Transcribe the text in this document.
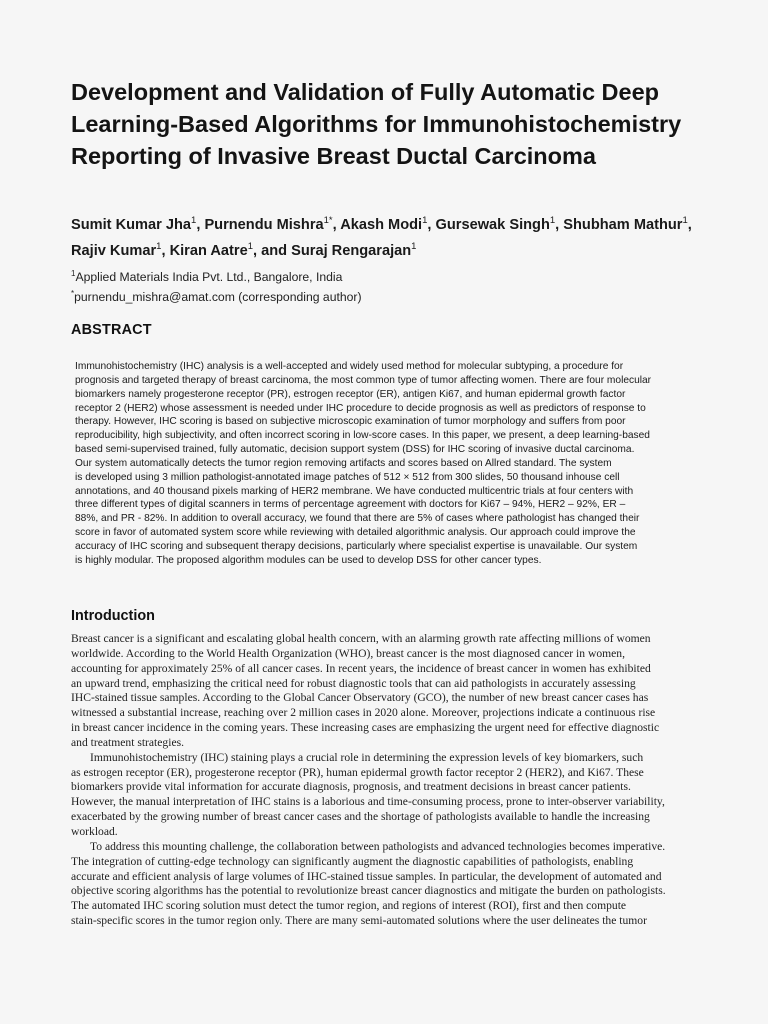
Development and Validation of Fully Automatic Deep Learning-Based Algorithms for Immunohistochemistry Reporting of Invasive Breast Ductal Carcinoma
Sumit Kumar Jha$^1$, Purnendu Mishra$^{1*}$, Akash Modi$^1$, Gursewak Singh$^1$, Shubham Mathur$^1$, Rajiv Kumar$^1$, Kiran Aatre$^1$, and Suraj Rengarajan$^1$
$^1$Applied Materials India Pvt. Ltd., Bangalore, India
*purnendu_mishra@amat.com (corresponding author)
ABSTRACT
Immunohistochemistry (IHC) analysis is a well-accepted and widely used method for molecular subtyping, a procedure for
prognosis and targeted therapy of breast carcinoma, the most common type of tumor affecting women. There are four molecular
biomarkers namely progesterone receptor (PR), estrogen receptor (ER), antigen Ki67, and human epidermal growth factor
receptor 2 (HER2) whose assessment is needed under IHC procedure to decide prognosis as well as predictors of response to
therapy. However, IHC scoring is based on subjective microscopic examination of tumor morphology and suffers from poor
reproducibility, high subjectivity, and often incorrect scoring in low-score cases. In this paper, we present, a deep learning-based
based semi-supervised trained, fully automatic, decision support system (DSS) for IHC scoring of invasive ductal carcinoma.
Our system automatically detects the tumor region removing artifacts and scores based on Allred standard. The system
is developed using 3 million pathologist-annotated image patches of 512 × 512 from 300 slides, 50 thousand inhouse cell
annotations, and 40 thousand pixels marking of HER2 membrane. We have conducted multicentric trials at four centers with
three different types of digital scanners in terms of percentage agreement with doctors for Ki67 – 94%, HER2 – 92%, ER –
88%, and PR - 82%. In addition to overall accuracy, we found that there are 5% of cases where pathologist has changed their
score in favor of automated system score while reviewing with detailed algorithmic analysis. Our approach could improve the
accuracy of IHC scoring and subsequent therapy decisions, particularly where specialist expertise is unavailable. Our system
is highly modular. The proposed algorithm modules can be used to develop DSS for other cancer types.
Introduction
Breast cancer is a significant and escalating global health concern, with an alarming growth rate affecting millions of women
worldwide. According to the World Health Organization (WHO), breast cancer is the most diagnosed cancer in women,
accounting for approximately 25% of all cancer cases. In recent years, the incidence of breast cancer in women has exhibited
an upward trend, emphasizing the critical need for robust diagnostic tools that can aid pathologists in accurately assessing
IHC-stained tissue samples. According to the Global Cancer Observatory (GCO), the number of new breast cancer cases has
witnessed a substantial increase, reaching over 2 million cases in 2020 alone. Moreover, projections indicate a continuous rise
in breast cancer incidence in the coming years. These increasing cases are emphasizing the urgent need for effective diagnostic
and treatment strategies.
Immunohistochemistry (IHC) staining plays a crucial role in determining the expression levels of key biomarkers, such
as estrogen receptor (ER), progesterone receptor (PR), human epidermal growth factor receptor 2 (HER2), and Ki67. These
biomarkers provide vital information for accurate diagnosis, prognosis, and treatment decisions in breast cancer patients.
However, the manual interpretation of IHC stains is a laborious and time-consuming process, prone to inter-observer variability,
exacerbated by the growing number of breast cancer cases and the shortage of pathologists available to handle the increasing
workload.
To address this mounting challenge, the collaboration between pathologists and advanced technologies becomes imperative.
The integration of cutting-edge technology can significantly augment the diagnostic capabilities of pathologists, enabling
accurate and efficient analysis of large volumes of IHC-stained tissue samples. In particular, the development of automated and
objective scoring algorithms has the potential to revolutionize breast cancer diagnostics and mitigate the burden on pathologists.
The automated IHC scoring solution must detect the tumor region, and regions of interest (ROI), first and then compute
stain-specific scores in the tumor region only. There are many semi-automated solutions where the user delineates the tumor
